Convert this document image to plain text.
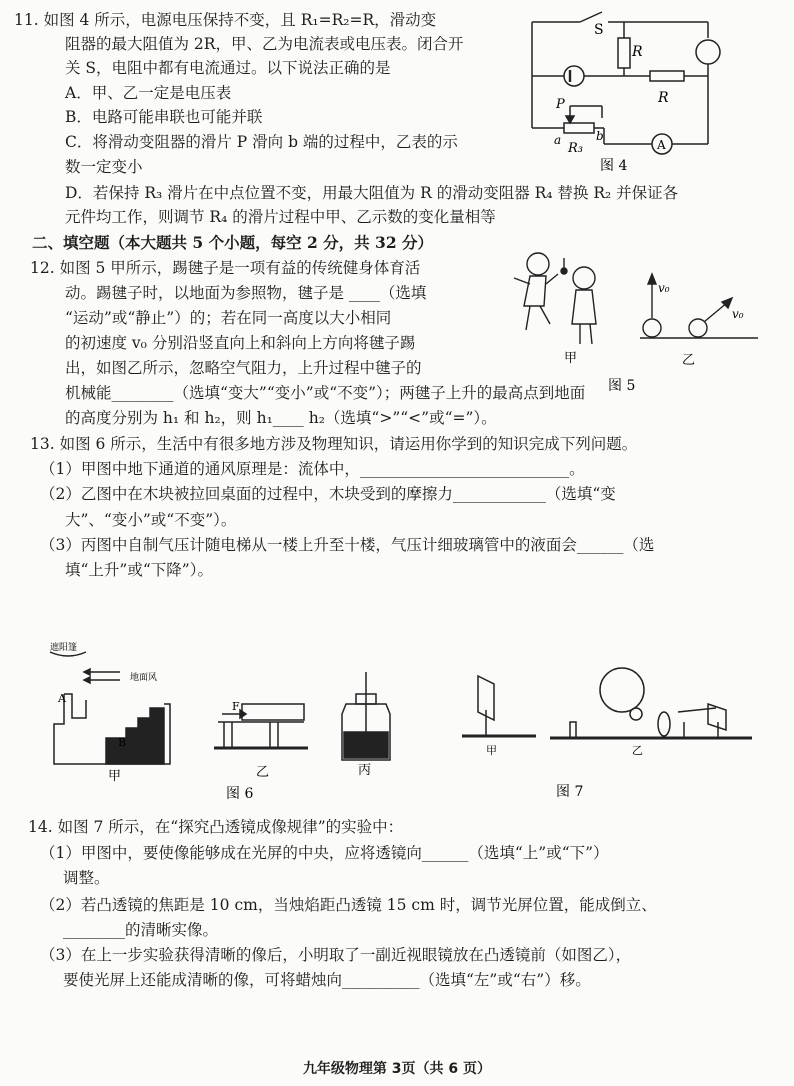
11. 如图 4 所示，电源电压保持不变，且 R₁=R₂=R，滑动变
阻器的最大阻值为 2R，甲、乙为电流表或电压表。闭合开
关 S，电阻中都有电流通过。以下说法正确的是
A．甲、乙一定是电压表
B．电路可能串联也可能并联
C．将滑动变阻器的滑片 P 滑向 b 端的过程中，乙表的示
数一定变小
D．若保持 R₃ 滑片在中点位置不变，用最大阻值为 R 的滑动变阻器 R₄ 替换 R₂ 并保证各
元件均工作，则调节 R₄ 的滑片过程中甲、乙示数的变化量相等
二、填空题（本大题共 5 个小题，每空 2 分，共 32 分）
12. 如图 5 甲所示，踢毽子是一项有益的传统健身体育活
动。踢毽子时，以地面为参照物，毽子是 ____（选填
“运动”或“静止”）的；若在同一高度以大小相同
的初速度 v₀ 分别沿竖直向上和斜向上方向将毽子踢
出，如图乙所示，忽略空气阻力，上升过程中毽子的
机械能________（选填“变大”“变小”或“不变”）；两毽子上升的最高点到地面
的高度分别为 h₁ 和 h₂，则 h₁____ h₂（选填“>”“<”或“=”）。
13. 如图 6 所示，生活中有很多地方涉及物理知识，请运用你学到的知识完成下列问题。
（1）甲图中地下通道的通风原理是：流体中，___________________________。
（2）乙图中在木块被拉回桌面的过程中，木块受到的摩擦力____________（选填“变
大”、“变小”或“不变”）。
（3）丙图中自制气压计随电梯从一楼上升至十楼，气压计细玻璃管中的液面会______（选
填“上升”或“下降”）。
14. 如图 7 所示，在“探究凸透镜成像规律”的实验中：
（1）甲图中，要使像能够成在光屏的中央，应将透镜向______（选填“上”或“下”）
调整。
（2）若凸透镜的焦距是 10 cm，当烛焰距凸透镜 15 cm 时，调节光屏位置，能成倒立、
________的清晰实像。
（3）在上一步实验获得清晰的像后，小明取了一副近视眼镜放在凸透镜前（如图乙），
要使光屏上还能成清晰的像，可将蜡烛向__________（选填“左”或“右”）移。
S
R
R
P
a	b
R₃	A
图 4
v₀
v₀
甲	乙
图 5
遮阳篷
地面风
A
B
甲
F
乙	丙
图 6
甲	乙
图 7
九年级物理第 3页（共 6 页）
